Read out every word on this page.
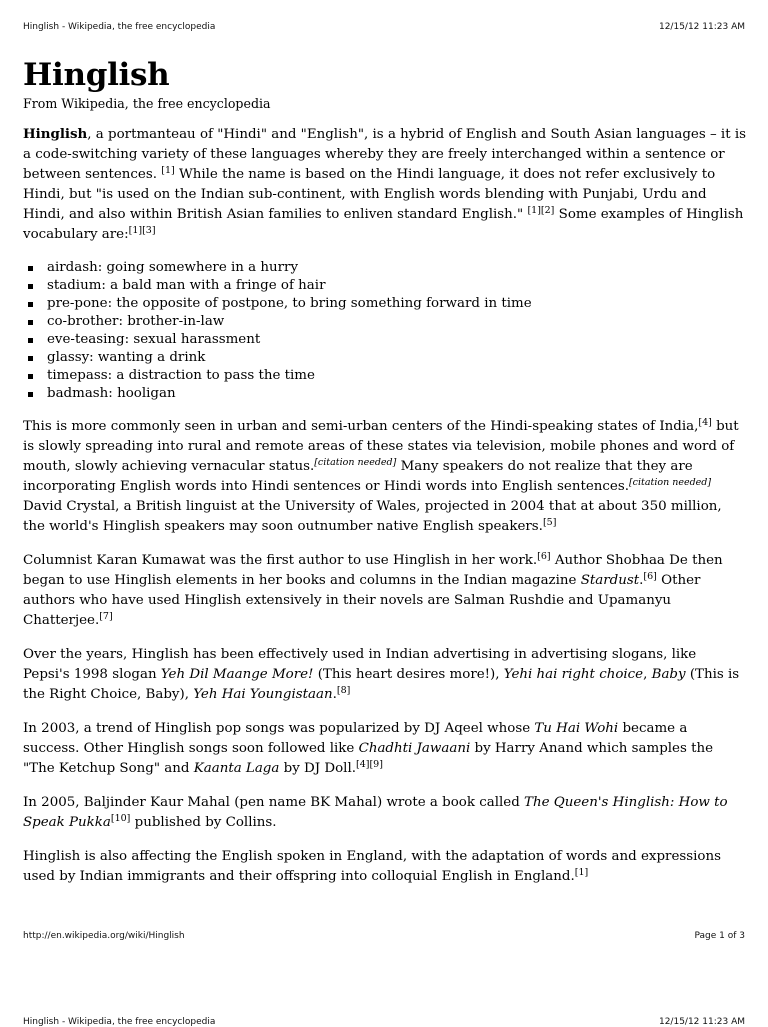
Hinglish - Wikipedia, the free encyclopedia	12/15/12 11:23 AM
Hinglish
From Wikipedia, the free encyclopedia

Hinglish, a portmanteau of "Hindi" and "English", is a hybrid of English and South Asian languages – it is a code-switching variety of these languages whereby they are freely interchanged within a sentence or between sentences. [1] While the name is based on the Hindi language, it does not refer exclusively to Hindi, but "is used on the Indian sub-continent, with English words blending with Punjabi, Urdu and Hindi, and also within British Asian families to enliven standard English." [1][2] Some examples of Hinglish vocabulary are:[1][3]

airdash: going somewhere in a hurry
stadium: a bald man with a fringe of hair
pre-pone: the opposite of postpone, to bring something forward in time
co-brother: brother-in-law
eve-teasing: sexual harassment
glassy: wanting a drink
timepass: a distraction to pass the time
badmash: hooligan

This is more commonly seen in urban and semi-urban centers of the Hindi-speaking states of India,[4] but is slowly spreading into rural and remote areas of these states via television, mobile phones and word of mouth, slowly achieving vernacular status.[citation needed] Many speakers do not realize that they are incorporating English words into Hindi sentences or Hindi words into English sentences.[citation needed] David Crystal, a British linguist at the University of Wales, projected in 2004 that at about 350 million, the world's Hinglish speakers may soon outnumber native English speakers.[5]

Columnist Karan Kumawat was the first author to use Hinglish in her work.[6] Author Shobhaa De then began to use Hinglish elements in her books and columns in the Indian magazine Stardust.[6] Other authors who have used Hinglish extensively in their novels are Salman Rushdie and Upamanyu Chatterjee.[7]

Over the years, Hinglish has been effectively used in Indian advertising in advertising slogans, like Pepsi's 1998 slogan Yeh Dil Maange More! (This heart desires more!), Yehi hai right choice, Baby (This is the Right Choice, Baby), Yeh Hai Youngistaan.[8]

In 2003, a trend of Hinglish pop songs was popularized by DJ Aqeel whose Tu Hai Wohi became a success. Other Hinglish songs soon followed like Chadhti Jawaani by Harry Anand which samples the "The Ketchup Song" and Kaanta Laga by DJ Doll.[4][9]

In 2005, Baljinder Kaur Mahal (pen name BK Mahal) wrote a book called The Queen's Hinglish: How to Speak Pukka[10] published by Collins.

Hinglish is also affecting the English spoken in England, with the adaptation of words and expressions used by Indian immigrants and their offspring into colloquial English in England.[1]

http://en.wikipedia.org/wiki/Hinglish	Page 1 of 3
Hinglish - Wikipedia, the free encyclopedia	12/15/12 11:23 AM
